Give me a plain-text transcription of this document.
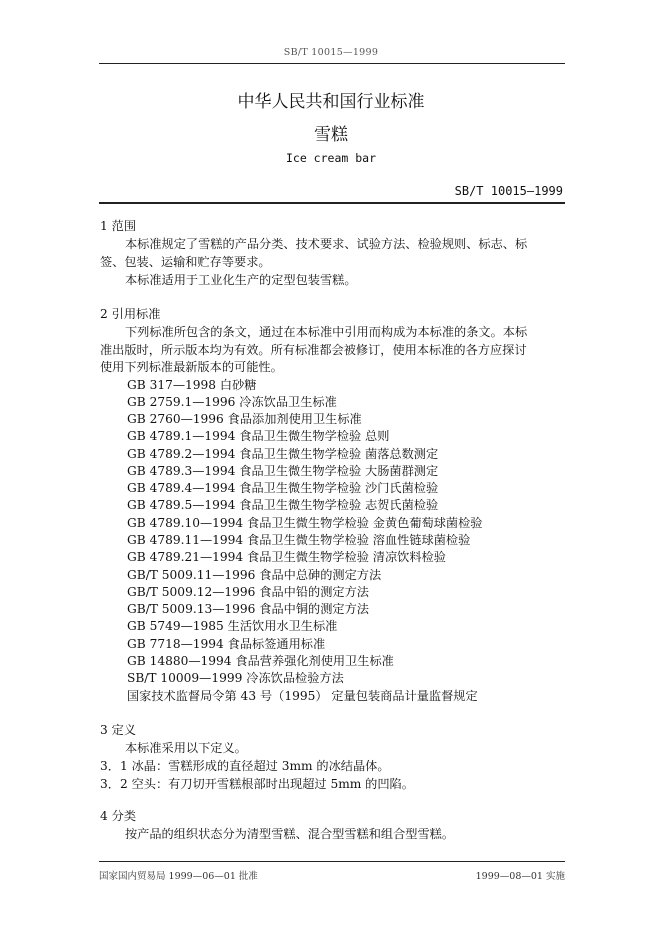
SB/T 10015—1999
中华人民共和国行业标准
雪糕
Ice cream bar
SB/T 10015—1999
1 范围
本标准规定了雪糕的产品分类、技术要求、试验方法、检验规则、标志、标
签、包装、运输和贮存等要求。
本标准适用于工业化生产的定型包装雪糕。
2 引用标准
下列标准所包含的条文，通过在本标准中引用而构成为本标准的条文。本标
准出版时，所示版本均为有效。所有标准都会被修订，使用本标准的各方应探讨
使用下列标准最新版本的可能性。
GB 317—1998 白砂糖
GB 2759.1—1996 冷冻饮品卫生标准
GB 2760—1996 食品添加剂使用卫生标准
GB 4789.1—1994 食品卫生微生物学检验 总则
GB 4789.2—1994 食品卫生微生物学检验 菌落总数测定
GB 4789.3—1994 食品卫生微生物学检验 大肠菌群测定
GB 4789.4—1994 食品卫生微生物学检验 沙门氏菌检验
GB 4789.5—1994 食品卫生微生物学检验 志贺氏菌检验
GB 4789.10—1994 食品卫生微生物学检验 金黄色葡萄球菌检验
GB 4789.11—1994 食品卫生微生物学检验 溶血性链球菌检验
GB 4789.21—1994 食品卫生微生物学检验 清凉饮料检验
GB/T 5009.11—1996 食品中总砷的测定方法
GB/T 5009.12—1996 食品中铅的测定方法
GB/T 5009.13—1996 食品中铜的测定方法
GB 5749—1985 生活饮用水卫生标准
GB 7718—1994 食品标签通用标准
GB 14880—1994 食品营养强化剂使用卫生标准
SB/T 10009—1999 冷冻饮品检验方法
国家技术监督局令第 43 号（1995） 定量包装商品计量监督规定
3 定义
本标准采用以下定义。
3．1 冰晶：雪糕形成的直径超过 3mm 的冰结晶体。
3．2 空头：有刀切开雪糕根部时出现超过 5mm 的凹陷。
4 分类
按产品的组织状态分为清型雪糕、混合型雪糕和组合型雪糕。
国家国内贸易局 1999—06—01 批准	1999—08—01 实施
